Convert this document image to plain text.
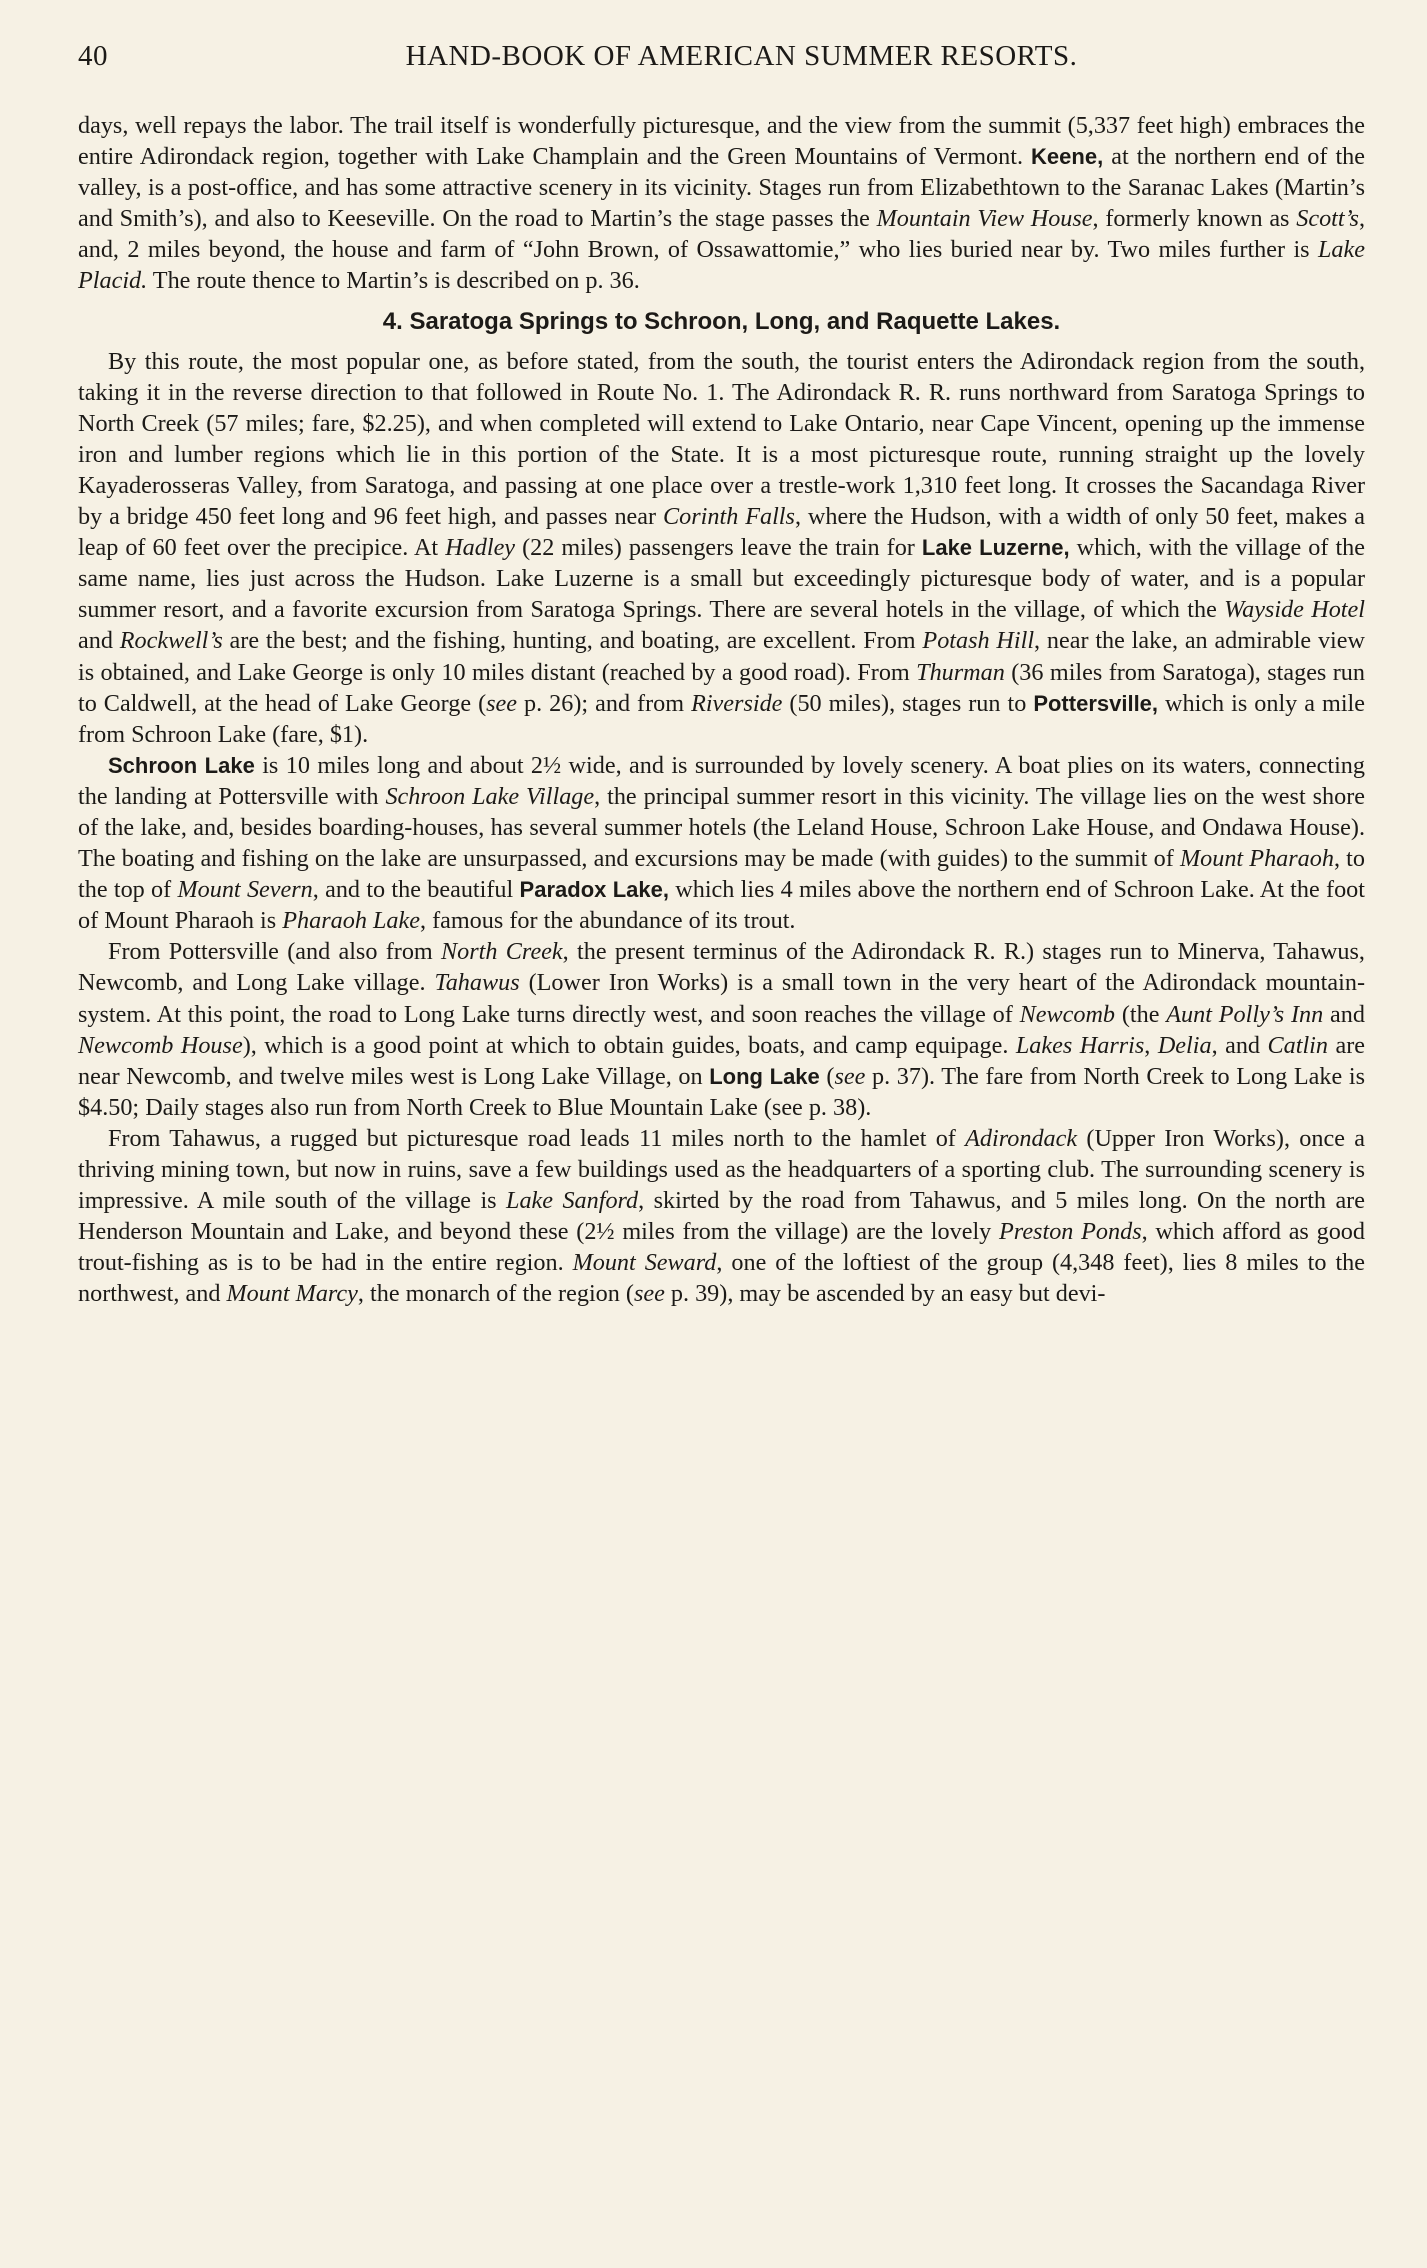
40	HAND-BOOK OF AMERICAN SUMMER RESORTS.

days, well repays the labor. The trail itself is wonderfully picturesque, and the view from the summit (5,337 feet high) embraces the entire Adirondack region, together with Lake Champlain and the Green Mountains of Vermont. Keene, at the northern end of the valley, is a post-office, and has some attractive scenery in its vicinity. Stages run from Elizabethtown to the Saranac Lakes (Martin’s and Smith’s), and also to Keeseville. On the road to Martin’s the stage passes the Mountain View House, formerly known as Scott’s, and, 2 miles beyond, the house and farm of “John Brown, of Ossawattomie,” who lies buried near by. Two miles further is Lake Placid. The route thence to Martin’s is described on p. 36.

4. Saratoga Springs to Schroon, Long, and Raquette Lakes.

By this route, the most popular one, as before stated, from the south, the tourist enters the Adirondack region from the south, taking it in the reverse direction to that followed in Route No. 1. The Adirondack R. R. runs northward from Saratoga Springs to North Creek (57 miles; fare, $2.25), and when completed will extend to Lake Ontario, near Cape Vincent, opening up the immense iron and lumber regions which lie in this portion of the State. It is a most picturesque route, running straight up the lovely Kayaderosseras Valley, from Saratoga, and passing at one place over a trestle-work 1,310 feet long. It crosses the Sacandaga River by a bridge 450 feet long and 96 feet high, and passes near Corinth Falls, where the Hudson, with a width of only 50 feet, makes a leap of 60 feet over the precipice. At Hadley (22 miles) passengers leave the train for Lake Luzerne, which, with the village of the same name, lies just across the Hudson. Lake Luzerne is a small but exceedingly picturesque body of water, and is a popular summer resort, and a favorite excursion from Saratoga Springs. There are several hotels in the village, of which the Wayside Hotel and Rockwell’s are the best; and the fishing, hunting, and boating, are excellent. From Potash Hill, near the lake, an admirable view is obtained, and Lake George is only 10 miles distant (reached by a good road). From Thurman (36 miles from Saratoga), stages run to Caldwell, at the head of Lake George (see p. 26); and from Riverside (50 miles), stages run to Pottersville, which is only a mile from Schroon Lake (fare, $1).

Schroon Lake is 10 miles long and about 2½ wide, and is surrounded by lovely scenery. A boat plies on its waters, connecting the landing at Pottersville with Schroon Lake Village, the principal summer resort in this vicinity. The village lies on the west shore of the lake, and, besides boarding-houses, has several summer hotels (the Leland House, Schroon Lake House, and Ondawa House). The boating and fishing on the lake are unsurpassed, and excursions may be made (with guides) to the summit of Mount Pharaoh, to the top of Mount Severn, and to the beautiful Paradox Lake, which lies 4 miles above the northern end of Schroon Lake. At the foot of Mount Pharaoh is Pharaoh Lake, famous for the abundance of its trout.

From Pottersville (and also from North Creek, the present terminus of the Adirondack R. R.) stages run to Minerva, Tahawus, Newcomb, and Long Lake village. Tahawus (Lower Iron Works) is a small town in the very heart of the Adirondack mountain-system. At this point, the road to Long Lake turns directly west, and soon reaches the village of Newcomb (the Aunt Polly’s Inn and Newcomb House), which is a good point at which to obtain guides, boats, and camp equipage. Lakes Harris, Delia, and Catlin are near Newcomb, and twelve miles west is Long Lake Village, on Long Lake (see p. 37). The fare from North Creek to Long Lake is $4.50; Daily stages also run from North Creek to Blue Mountain Lake (see p. 38).

From Tahawus, a rugged but picturesque road leads 11 miles north to the hamlet of Adirondack (Upper Iron Works), once a thriving mining town, but now in ruins, save a few buildings used as the headquarters of a sporting club. The surrounding scenery is impressive. A mile south of the village is Lake Sanford, skirted by the road from Tahawus, and 5 miles long. On the north are Henderson Mountain and Lake, and beyond these (2½ miles from the village) are the lovely Preston Ponds, which afford as good trout-fishing as is to be had in the entire region. Mount Seward, one of the loftiest of the group (4,348 feet), lies 8 miles to the northwest, and Mount Marcy, the monarch of the region (see p. 39), may be ascended by an easy but devi-
